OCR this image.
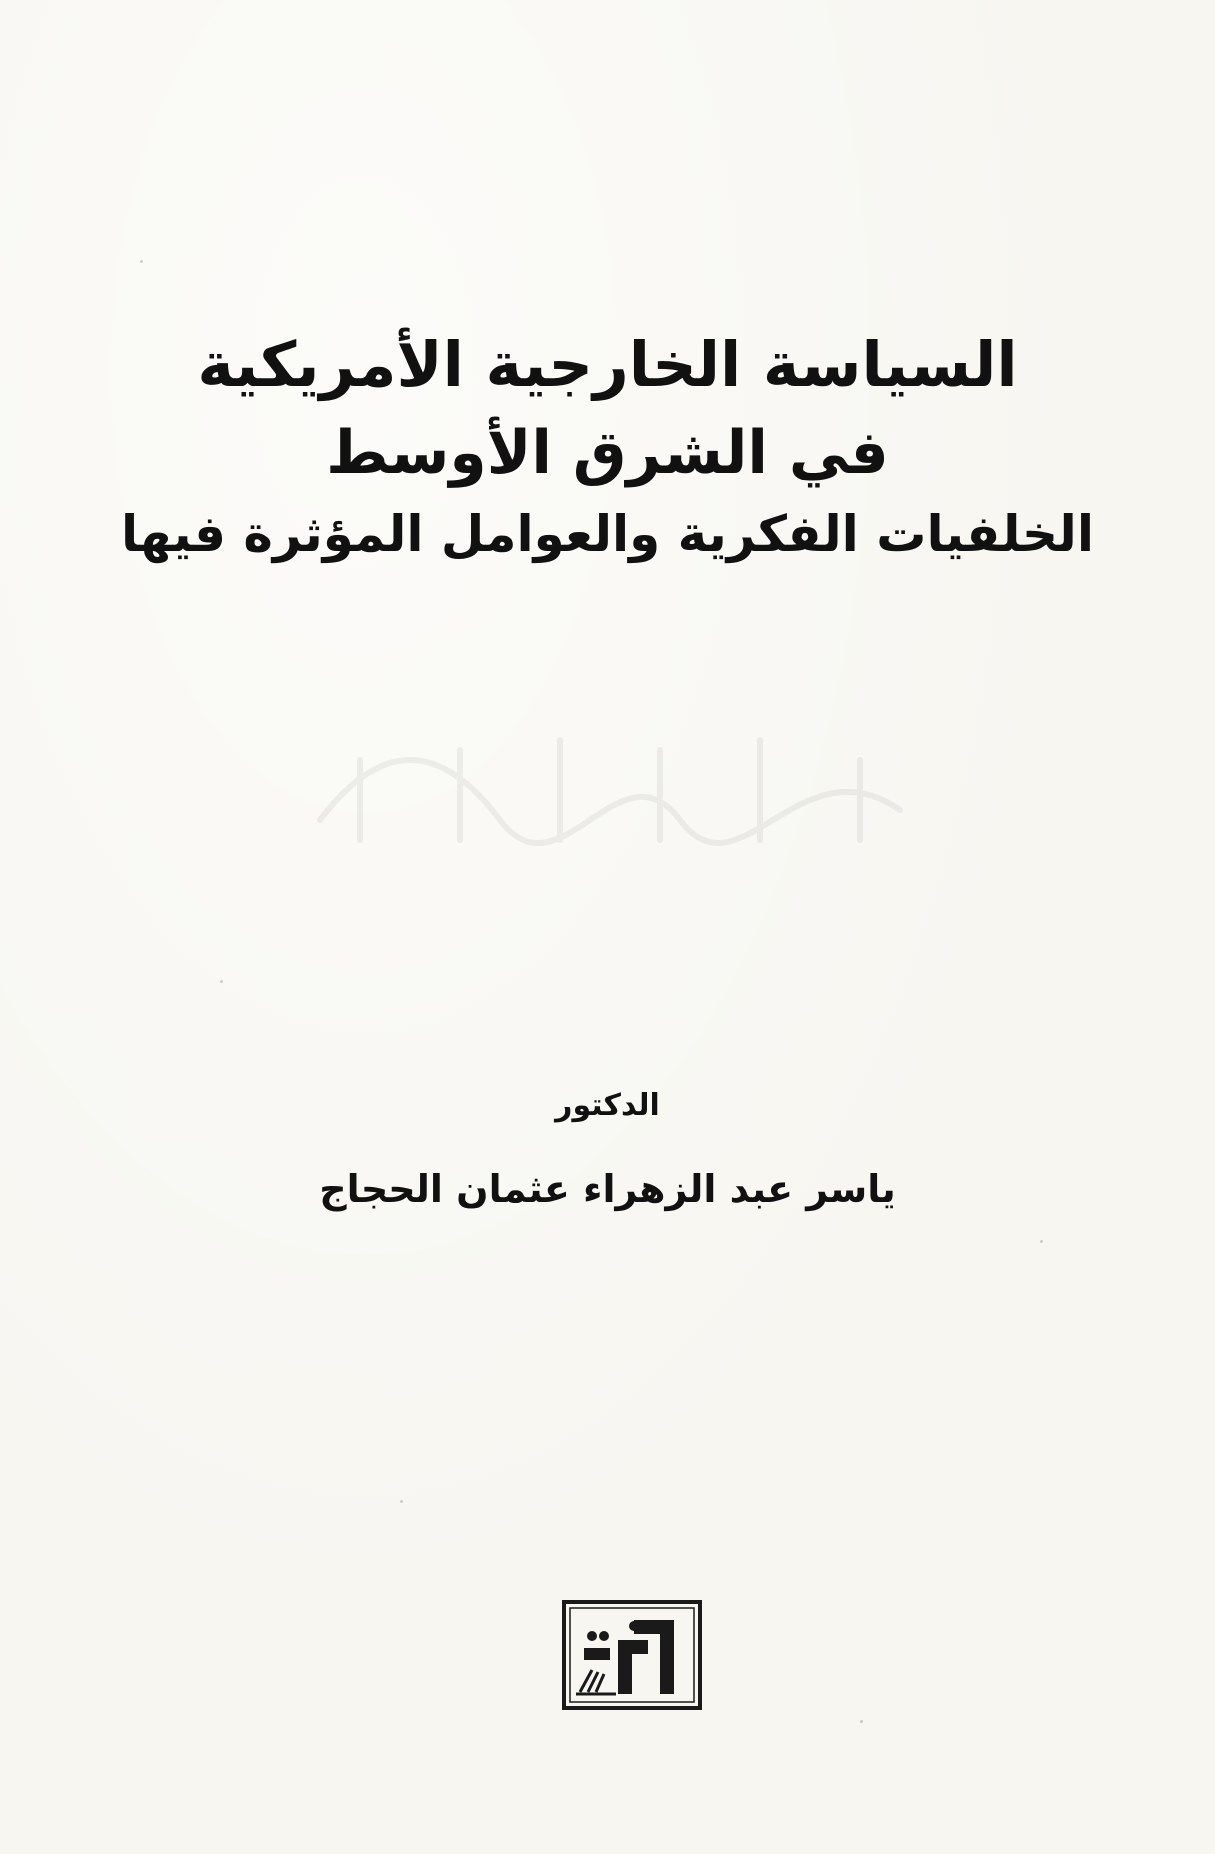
السياسة الخارجية الأمريكية
في الشرق الأوسط
الخلفيات الفكرية والعوامل المؤثرة فيها
الدكتور
ياسر عبد الزهراء عثمان الحجاج
